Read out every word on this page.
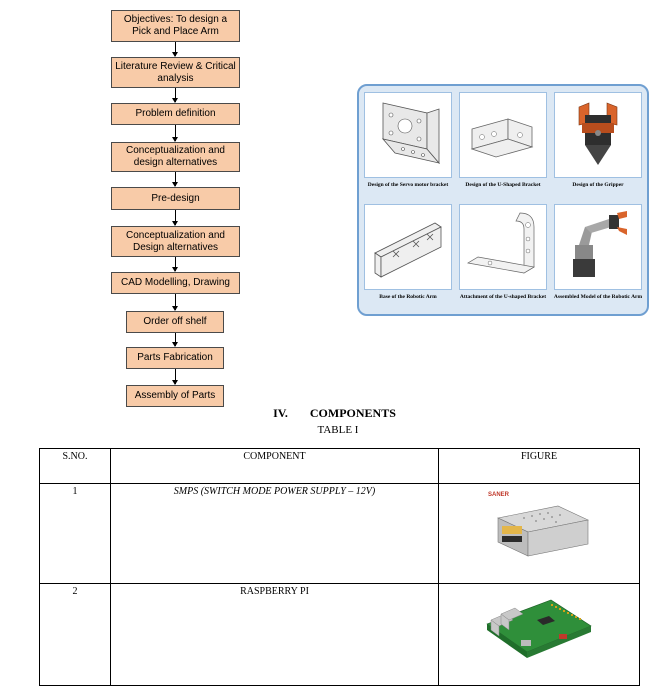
Objectives: To design a Pick and Place Arm
Literature Review & Critical analysis
Problem definition
Conceptualization and design alternatives
Pre-design
Conceptualization and Design alternatives
CAD Modelling, Drawing
Order off shelf
Parts Fabrication
Assembly of Parts
Design of the Servo motor bracket	Design of the U-Shaped Bracket	Design of the Gripper
Base of the Robotic Arm	Attachment of the U-shaped Bracket	Assembled Model of the Robotic Arm
IV. COMPONENTS
TABLE I
S.NO.	COMPONENT	FIGURE
1	SMPS (SWITCH MODE POWER SUPPLY – 12V)	SANER

2	RASPBERRY PI	
